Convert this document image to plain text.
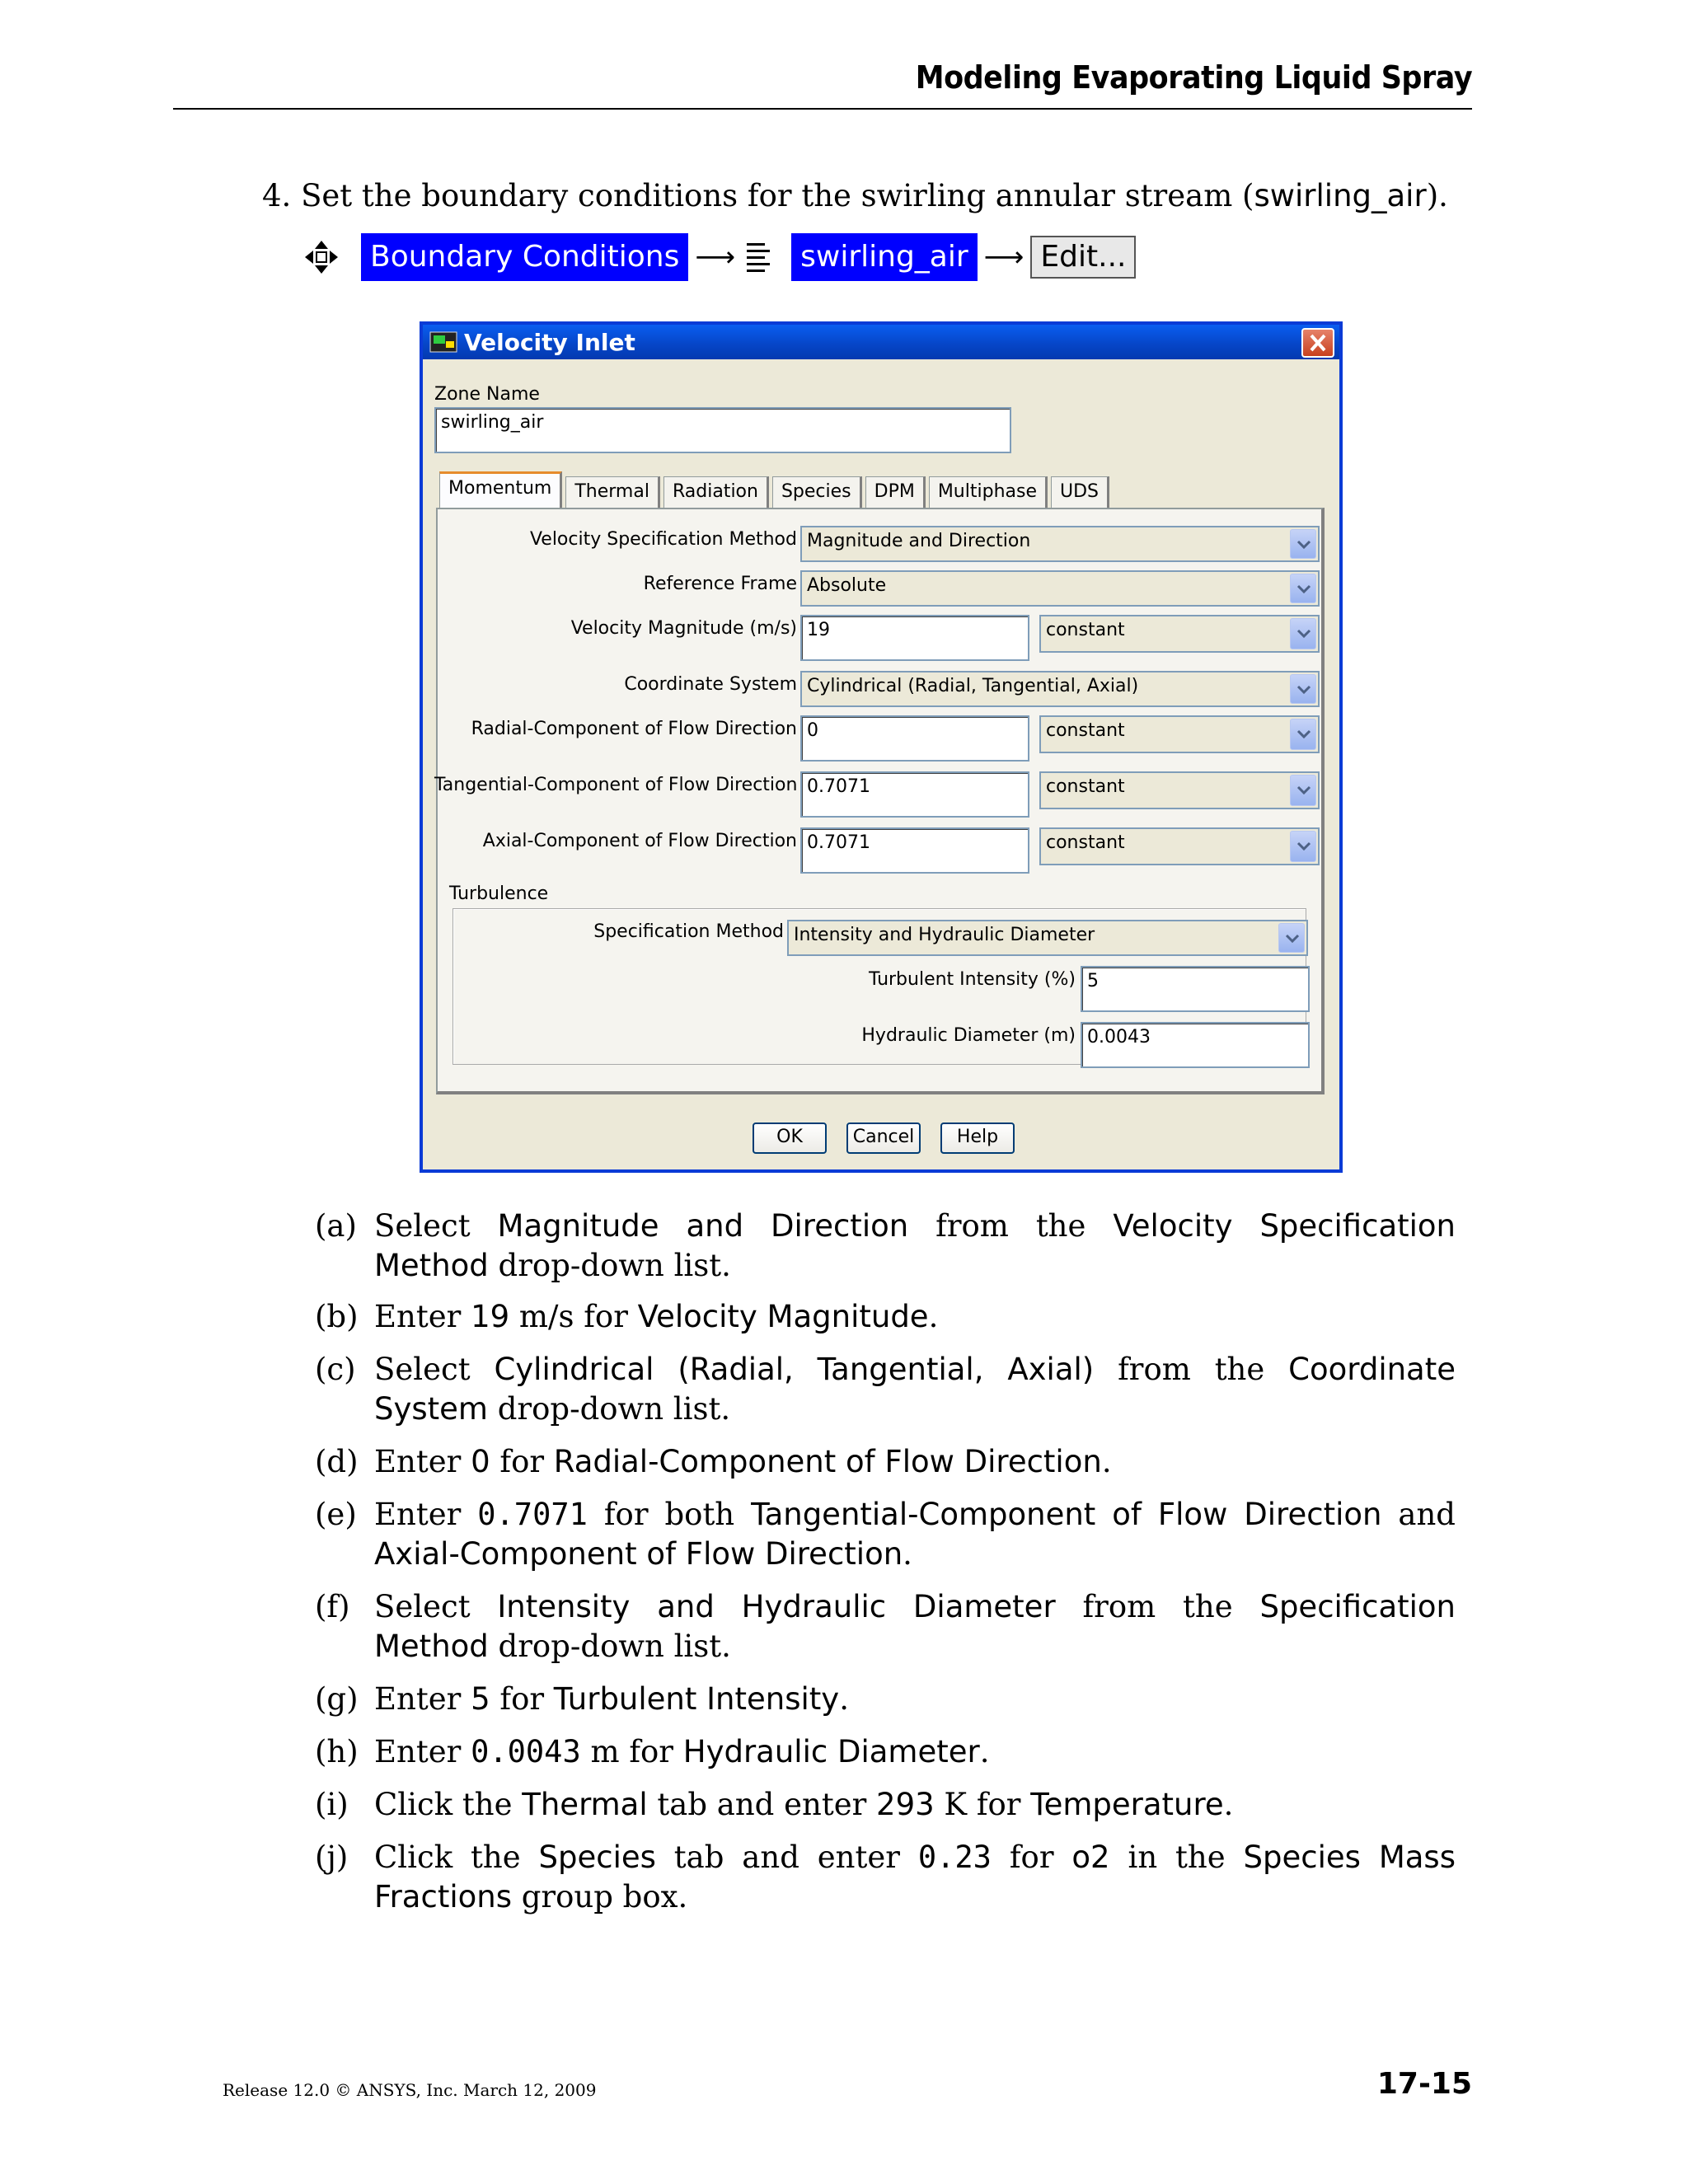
Modeling Evaporating Liquid Spray
4. Set the boundary conditions for the swirling annular stream (swirling_air).
Boundary Conditions ⟶	swirling_air ⟶ Edit...
Velocity Inlet
Zone Name
swirling_air
Momentum	Thermal	Radiation	Species	DPM	Multiphase	UDS
Velocity Specification Method Magnitude and Direction
Reference Frame Absolute
Velocity Magnitude (m/s) 19	constant
Coordinate System Cylindrical (Radial, Tangential, Axial)
Radial-Component of Flow Direction 0	constant
Tangential-Component of Flow Direction 0.7071	constant
Axial-Component of Flow Direction 0.7071	constant
Turbulence
Specification Method Intensity and Hydraulic Diameter
Turbulent Intensity (%) 5
Hydraulic Diameter (m) 0.0043
OK	Cancel	Help
(a) Select Magnitude and Direction from the Velocity Specification Method drop-down list.
(b) Enter 19 m/s for Velocity Magnitude.
(c) Select Cylindrical (Radial, Tangential, Axial) from the Coordinate System drop-down list.
(d) Enter 0 for Radial-Component of Flow Direction.
(e) Enter 0.7071 for both Tangential-Component of Flow Direction and Axial-Component of Flow Direction.
(f) Select Intensity and Hydraulic Diameter from the Specification Method drop-down list.
(g) Enter 5 for Turbulent Intensity.
(h) Enter 0.0043 m for Hydraulic Diameter.
(i) Click the Thermal tab and enter 293 K for Temperature.
(j) Click the Species tab and enter 0.23 for o2 in the Species Mass Fractions group box.
Release 12.0 © ANSYS, Inc. March 12, 2009	17-15
